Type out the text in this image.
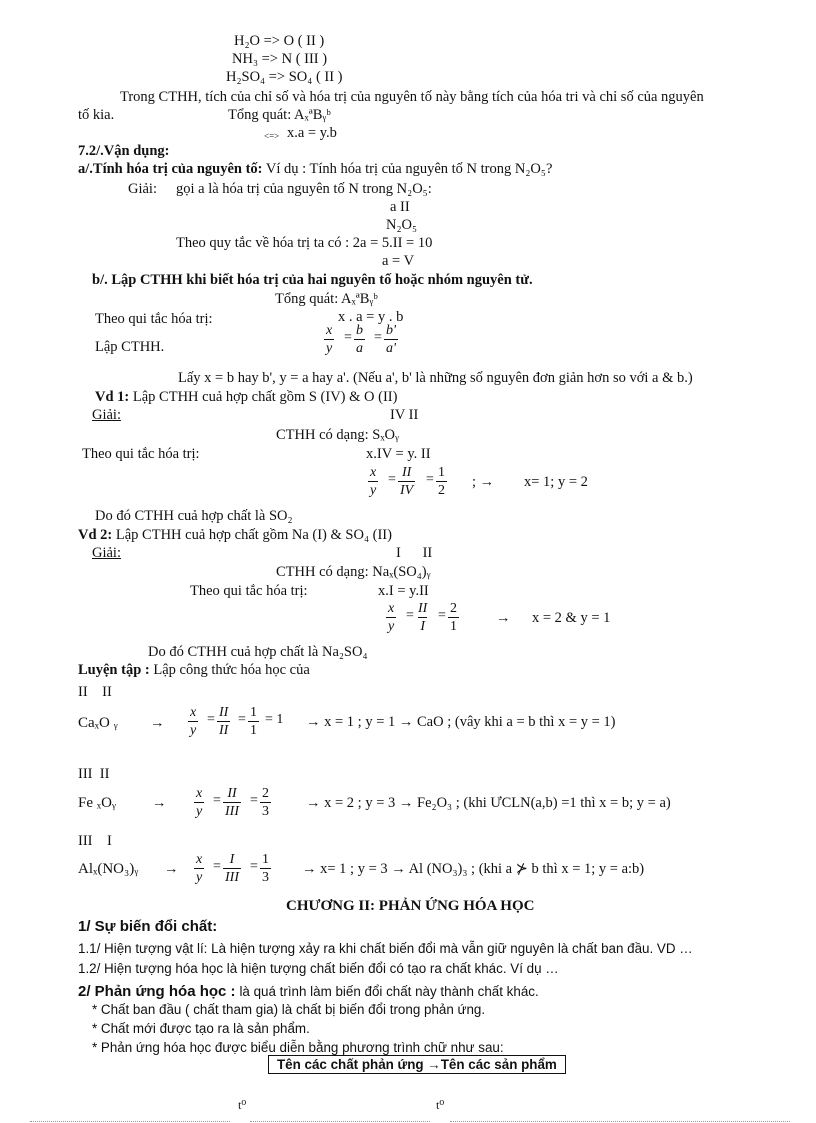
H₂O => O ( II )
NH₃ => N ( III )
H₂SO₄ => SO₄ ( II )
Trong CTHH, tích của chỉ số và hóa trị của nguyên tố này bằng tích của hóa tri và chỉ số của nguyên
tố kia.	Tổng quát: AₓªBᵧᵇ
<=> x.a = y.b
7.2/.Vận dụng:
a/.Tính hóa trị của nguyên tố: Ví dụ : Tính hóa trị của nguyên tố N trong N₂O₅?
Giải: gọi a là hóa trị của nguyên tố N trong N₂O₅:
a II
N₂O₅
Theo quy tắc về hóa trị ta có : 2a = 5.II = 10
a = V
b/. Lập CTHH khi biết hóa trị của hai nguyên tố hoặc nhóm nguyên tử.
Tổng quát: AₓªBᵧᵇ
Theo qui tắc hóa trị:	x . a = y . b
Lập CTHH.	$\frac{x}{y} = \frac{b}{a} = \frac{b'}{a'}$
Lấy x = b hay b', y = a hay a'. (Nếu a', b' là những số nguyên đơn giản hơn so với a & b.)
Vd 1: Lập CTHH cuả hợp chất gồm S (IV) & O (II)
Giải:	IV II
CTHH có dạng: SₓOᵧ
Theo qui tắc hóa trị:	x.IV = y. II
$\frac{x}{y} = \frac{II}{IV} = \frac{1}{2}$ ; → x= 1; y = 2
Do đó CTHH cuả hợp chất là SO₂
Vd 2: Lập CTHH cuả hợp chất gồm Na (I) & SO₄ (II)
Giải:	I      II
CTHH có dạng: Naₓ(SO₄)ᵧ
Theo qui tắc hóa trị:	x.I = y.II
$\frac{x}{y} = \frac{II}{I} = \frac{2}{1}$	→ x = 2 & y = 1
Do đó CTHH cuả hợp chất là Na₂SO₄
Luyện tập : Lập công thức hóa học của
II    II
CaₓO ᵧ → $\frac{x}{y} = \frac{II}{II} = \frac{1}{1} = 1 \to x = 1$ ; y = 1 → CaO ; (vây khi a = b thì x = y = 1)
III  II
Fe ₓOᵧ → $\frac{x}{y}$ = II
III
= $\frac{2}{3} \to x = 2$ ; y = 3 → Fe₂O₃ ; (khi ƯCLN(a,b) =1 thì x = b; y = a)
III    I
Alₓ(NO₃)ᵧ → $\frac{x}{y} = I$
III
= $\frac{1}{3} \to x= 1$ ; y = 3 → Al (NO₃)₃ ; (khi a ⊁ b thì x = 1; y = a:b)
CHƯƠNG II: PHẢN ỨNG HÓA HỌC
1/ Sự biến đổi chất:
1.1/ Hiện tượng vật lí: Là hiện tượng xảy ra khi chất biến đổi mà vẫn giữ nguyên là chất ban đầu. VD …
1.2/ Hiện tượng hóa học là hiện tượng chất biến đổi có tạo ra chất khác. Ví dụ …
2/ Phản ứng hóa học : là quá trình làm biến đổi chất này thành chất khác.
* Chất ban đầu ( chất tham gia) là chất bị biến đổi trong phản ứng.
* Chất mới được tạo ra là sản phẩm.
* Phản ứng hóa học được biểu diễn bằng phương trình chữ như sau:
Tên các chất phản ứng →Tên các sản phẩm
t⁰	t⁰
